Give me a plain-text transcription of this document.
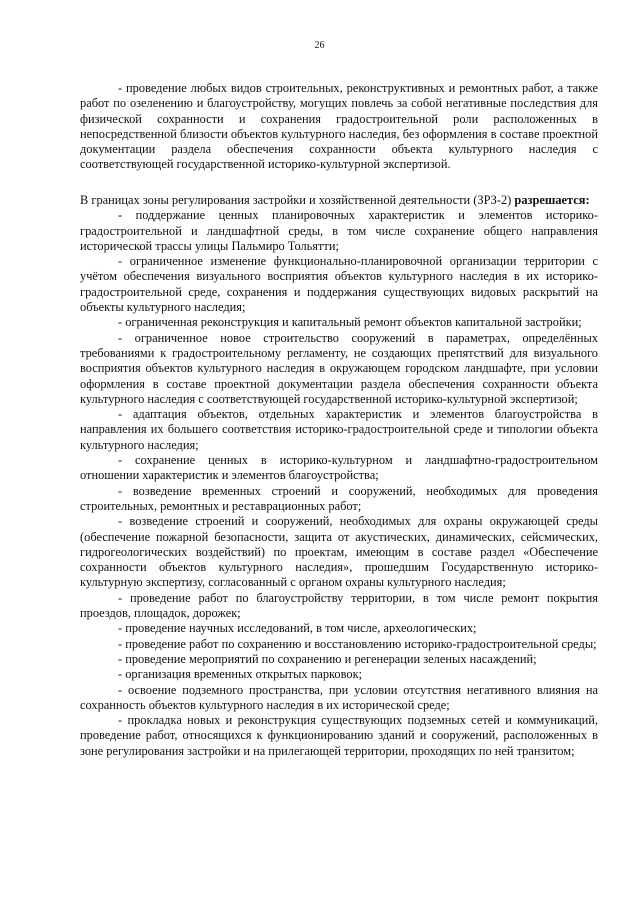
26

- проведение любых видов строительных, реконструктивных и ремонтных работ, а также работ по озеленению и благоустройству, могущих повлечь за собой негативные последствия для физической сохранности и сохранения градостроительной роли расположенных в непосредственной близости объектов культурного наследия, без оформления в составе проектной документации раздела обеспечения сохранности объекта культурного наследия с соответствующей государственной историко-культурной экспертизой.

В границах зоны регулирования застройки и хозяйственной деятельности (ЗРЗ-2) разрешается:

- поддержание ценных планировочных характеристик и элементов историко-градостроительной и ландшафтной среды, в том числе сохранение общего направления исторической трассы улицы Пальмиро Тольятти;

- ограниченное изменение функционально-планировочной организации территории с учётом обеспечения визуального восприятия объектов культурного наследия в их историко-градостроительной среде, сохранения и поддержания существующих видовых раскрытий на объекты культурного наследия;

- ограниченная реконструкция и капитальный ремонт объектов капитальной застройки;

- ограниченное новое строительство сооружений в параметрах, определённых требованиями к градостроительному регламенту, не создающих препятствий для визуального восприятия объектов культурного наследия в окружающем городском ландшафте, при условии оформления в составе проектной документации раздела обеспечения сохранности объекта культурного наследия с соответствующей государственной историко-культурной экспертизой;

- адаптация объектов, отдельных характеристик и элементов благоустройства в направления их большего соответствия историко-градостроительной среде и типологии объекта культурного наследия;

- сохранение ценных в историко-культурном и ландшафтно-градостроительном отношении характеристик и элементов благоустройства;

- возведение временных строений и сооружений, необходимых для проведения строительных, ремонтных и реставрационных работ;

- возведение строений и сооружений, необходимых для охраны окружающей среды (обеспечение пожарной безопасности, защита от акустических, динамических, сейсмических, гидрогеологических воздействий) по проектам, имеющим в составе раздел «Обеспечение сохранности объектов культурного наследия», прошедшим Государственную историко-культурную экспертизу, согласованный с органом охраны культурного наследия;

- проведение работ по благоустройству территории, в том числе ремонт покрытия проездов, площадок, дорожек;

- проведение научных исследований, в том числе, археологических;

- проведение работ по сохранению и восстановлению историко-градостроительной среды;

- проведение мероприятий по сохранению и регенерации зеленых насаждений;

- организация временных открытых парковок;

- освоение подземного пространства, при условии отсутствия негативного влияния на сохранность объектов культурного наследия в их исторической среде;

- прокладка новых и реконструкция существующих подземных сетей и коммуникаций, проведение работ, относящихся к функционированию зданий и сооружений, расположенных в зоне регулирования застройки и на прилегающей территории, проходящих по ней транзитом;
